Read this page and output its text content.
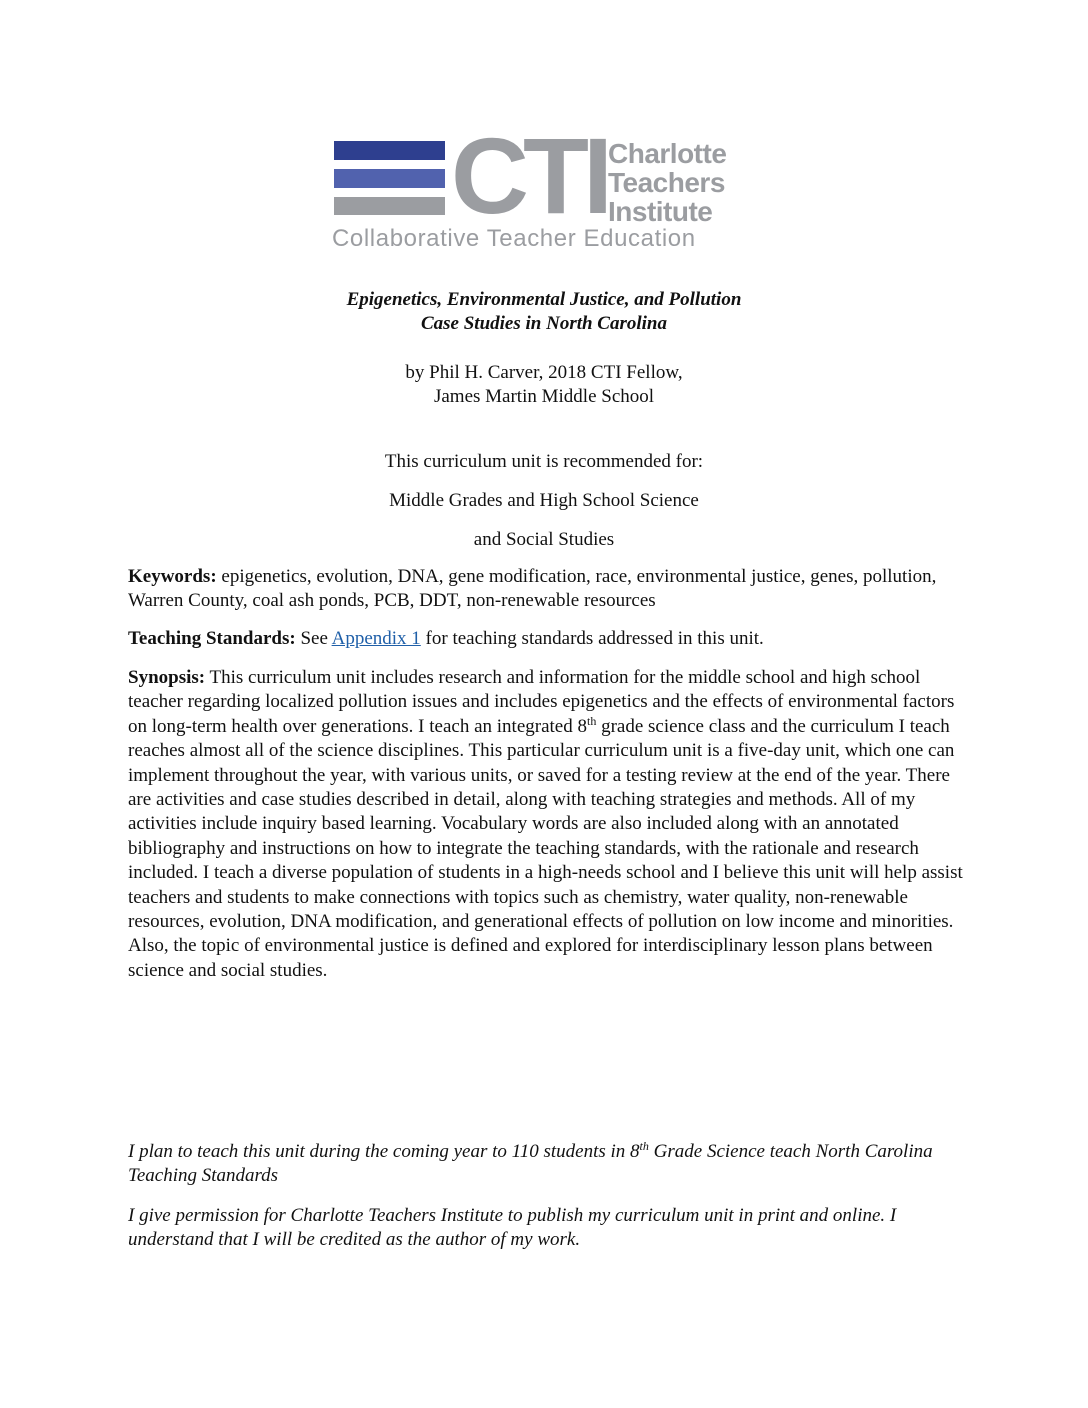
CTI Charlotte
Teachers
Institute
Collaborative Teacher Education
Epigenetics, Environmental Justice, and Pollution
Case Studies in North Carolina
by Phil H. Carver, 2018 CTI Fellow,
James Martin Middle School
This curriculum unit is recommended for:
Middle Grades and High School Science
and Social Studies
Keywords: epigenetics, evolution, DNA, gene modification, race, environmental justice, genes, pollution, Warren County, coal ash ponds, PCB, DDT, non-renewable resources
Teaching Standards: See Appendix 1 for teaching standards addressed in this unit.
Synopsis: This curriculum unit includes research and information for the middle school and high school teacher regarding localized pollution issues and includes epigenetics and the effects of environmental factors on long-term health over generations. I teach an integrated 8th grade science class and the curriculum I teach reaches almost all of the science disciplines. This particular curriculum unit is a five-day unit, which one can implement throughout the year, with various units, or saved for a testing review at the end of the year. There are activities and case studies described in detail, along with teaching strategies and methods. All of my activities include inquiry based learning. Vocabulary words are also included along with an annotated bibliography and instructions on how to integrate the teaching standards, with the rationale and research included. I teach a diverse population of students in a high-needs school and I believe this unit will help assist teachers and students to make connections with topics such as chemistry, water quality, non-renewable resources, evolution, DNA modification, and generational effects of pollution on low income and minorities. Also, the topic of environmental justice is defined and explored for interdisciplinary lesson plans between science and social studies.
I plan to teach this unit during the coming year to 110 students in 8th Grade Science teach North Carolina Teaching Standards
I give permission for Charlotte Teachers Institute to publish my curriculum unit in print and online. I understand that I will be credited as the author of my work.
